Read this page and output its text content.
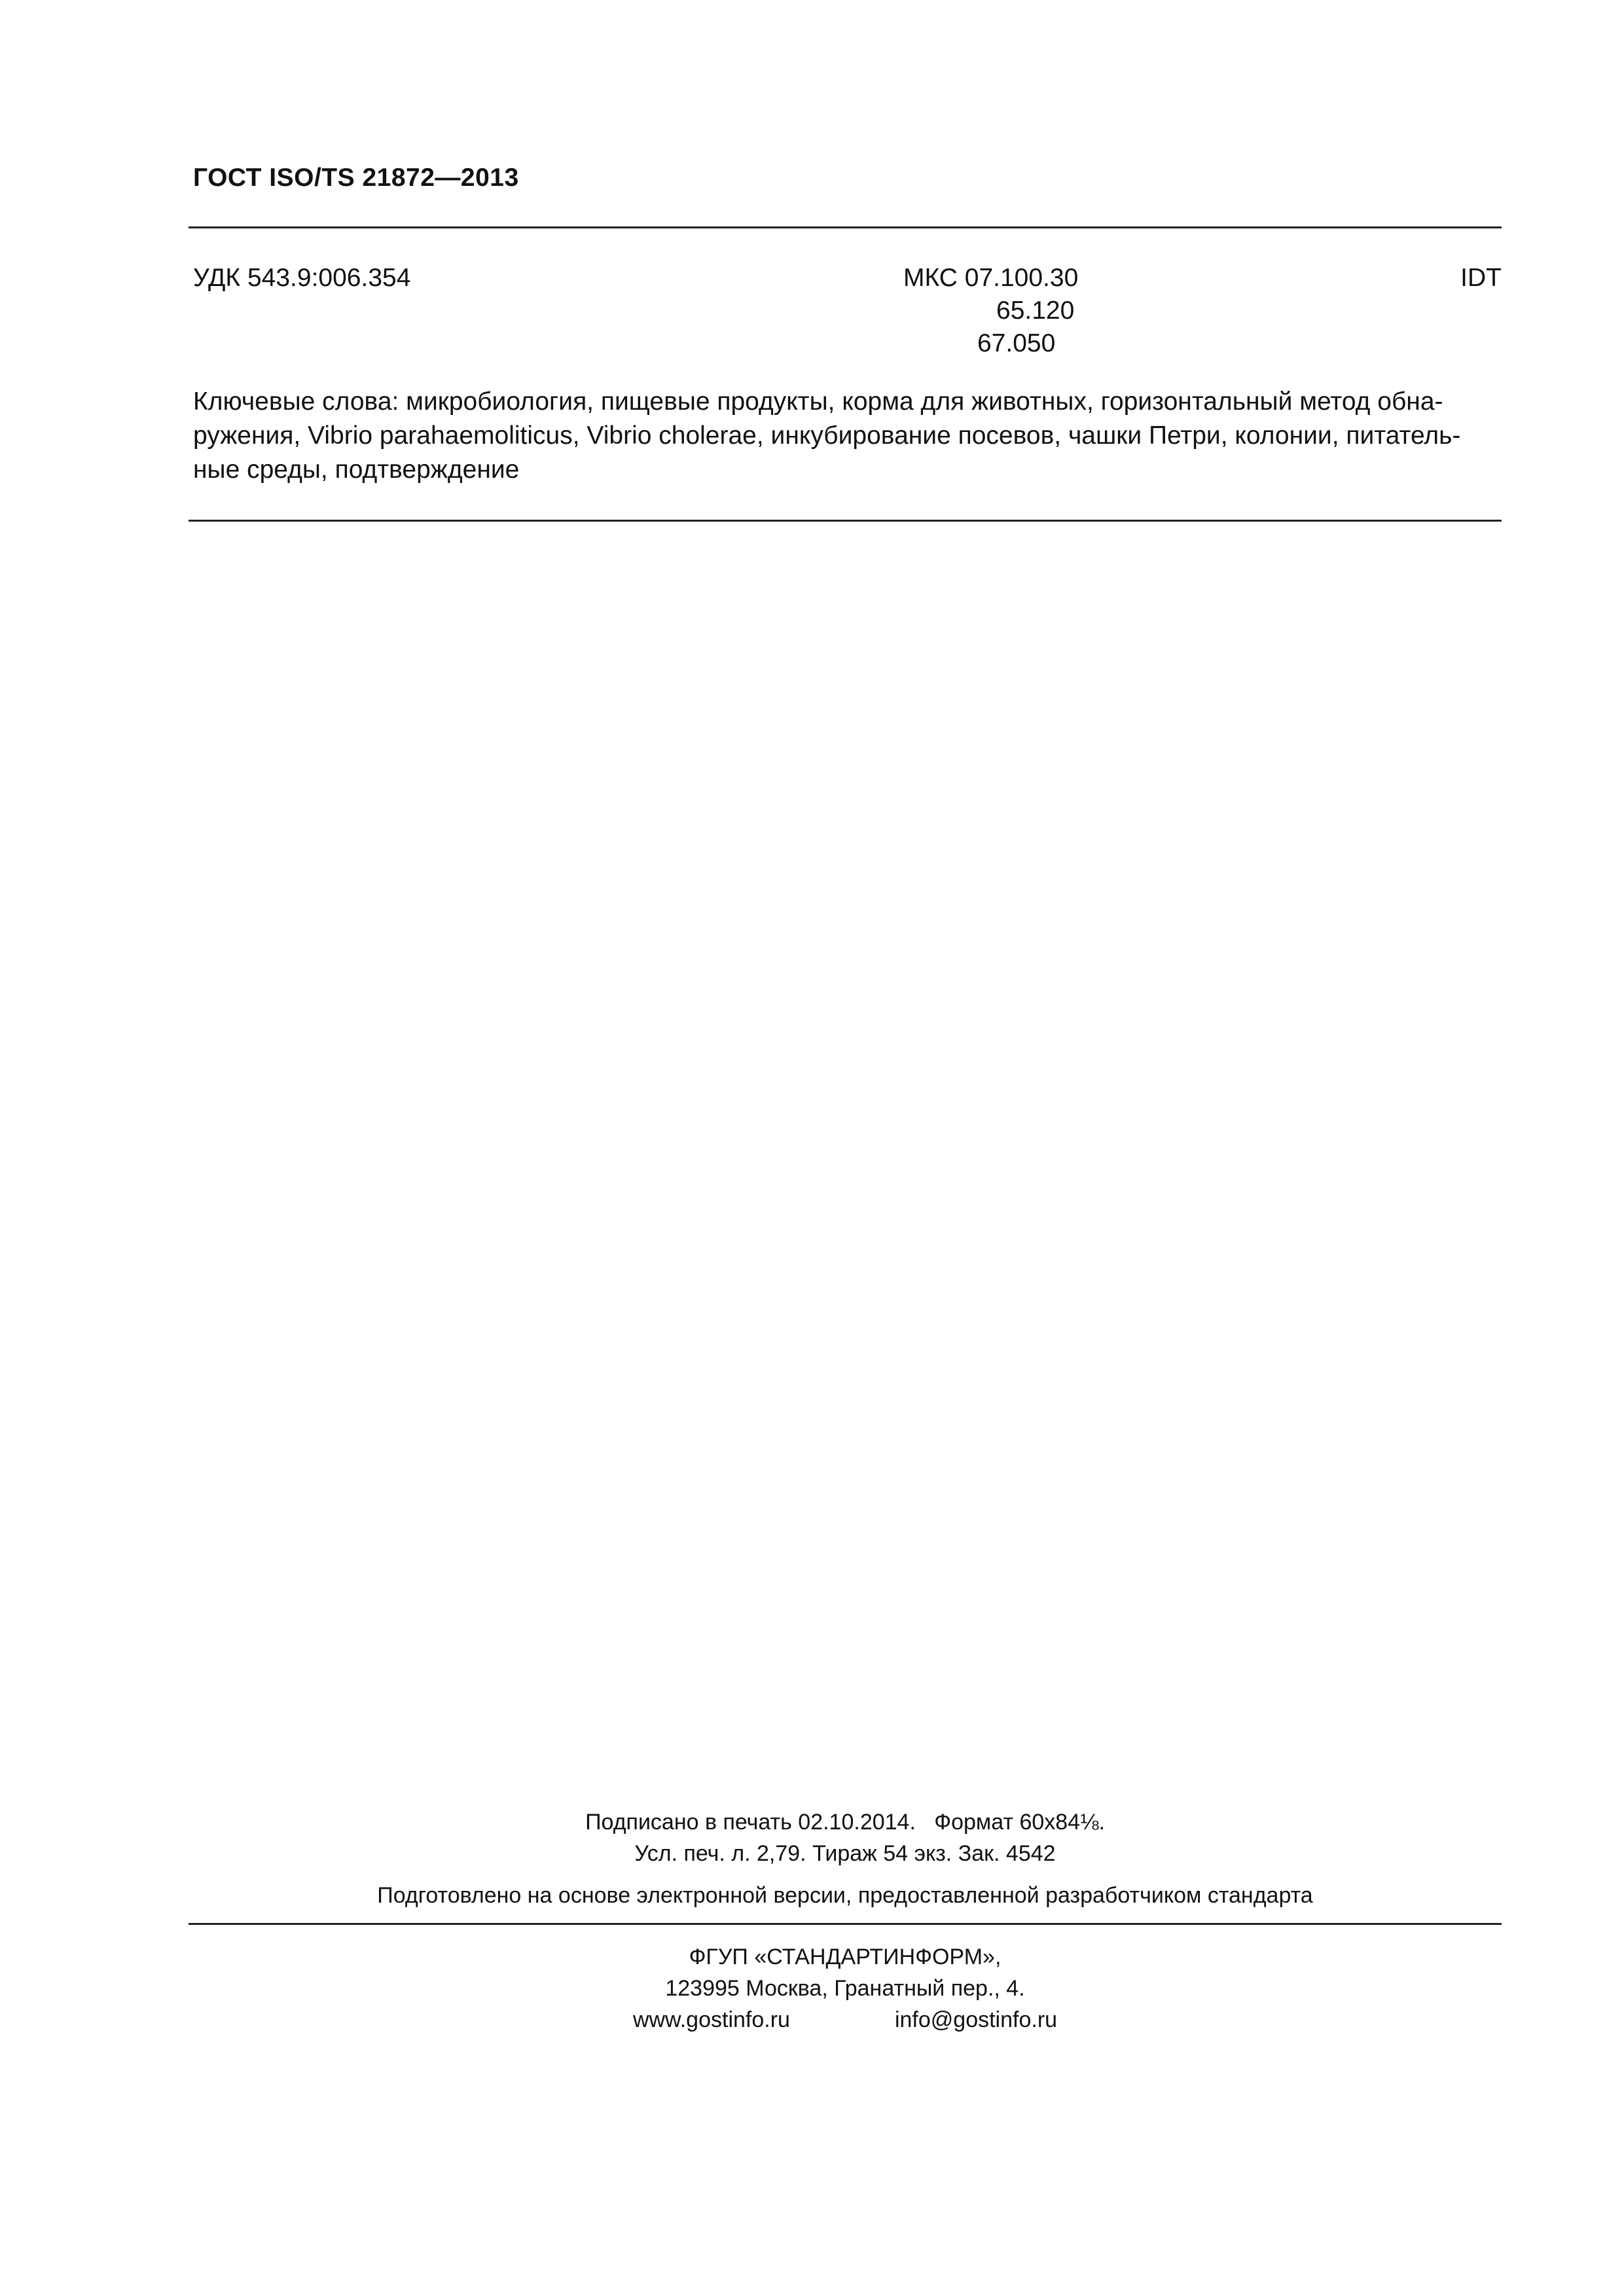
ГОСТ ISO/TS 21872—2013
УДК 543.9:006.354	МКС 07.100.30
65.120
67.050
IDT
Ключевые слова: микробиология, пищевые продукты, корма для животных, горизонтальный метод обна-
ружения, Vibrio parahaemoliticus, Vibrio cholerae, инкубирование посевов, чашки Петри, колонии, питатель-
ные среды, подтверждение
Подписано в печать 02.10.2014.   Формат 60x84⅛.
Усл. печ. л. 2,79. Тираж 54 экз. Зак. 4542
Подготовлено на основе электронной версии, предоставленной разработчиком стандарта
ФГУП «СТАНДАРТИНФОРМ»,
123995 Москва, Гранатный пер., 4.
www.gostinfo.ru	info@gostinfo.ru
